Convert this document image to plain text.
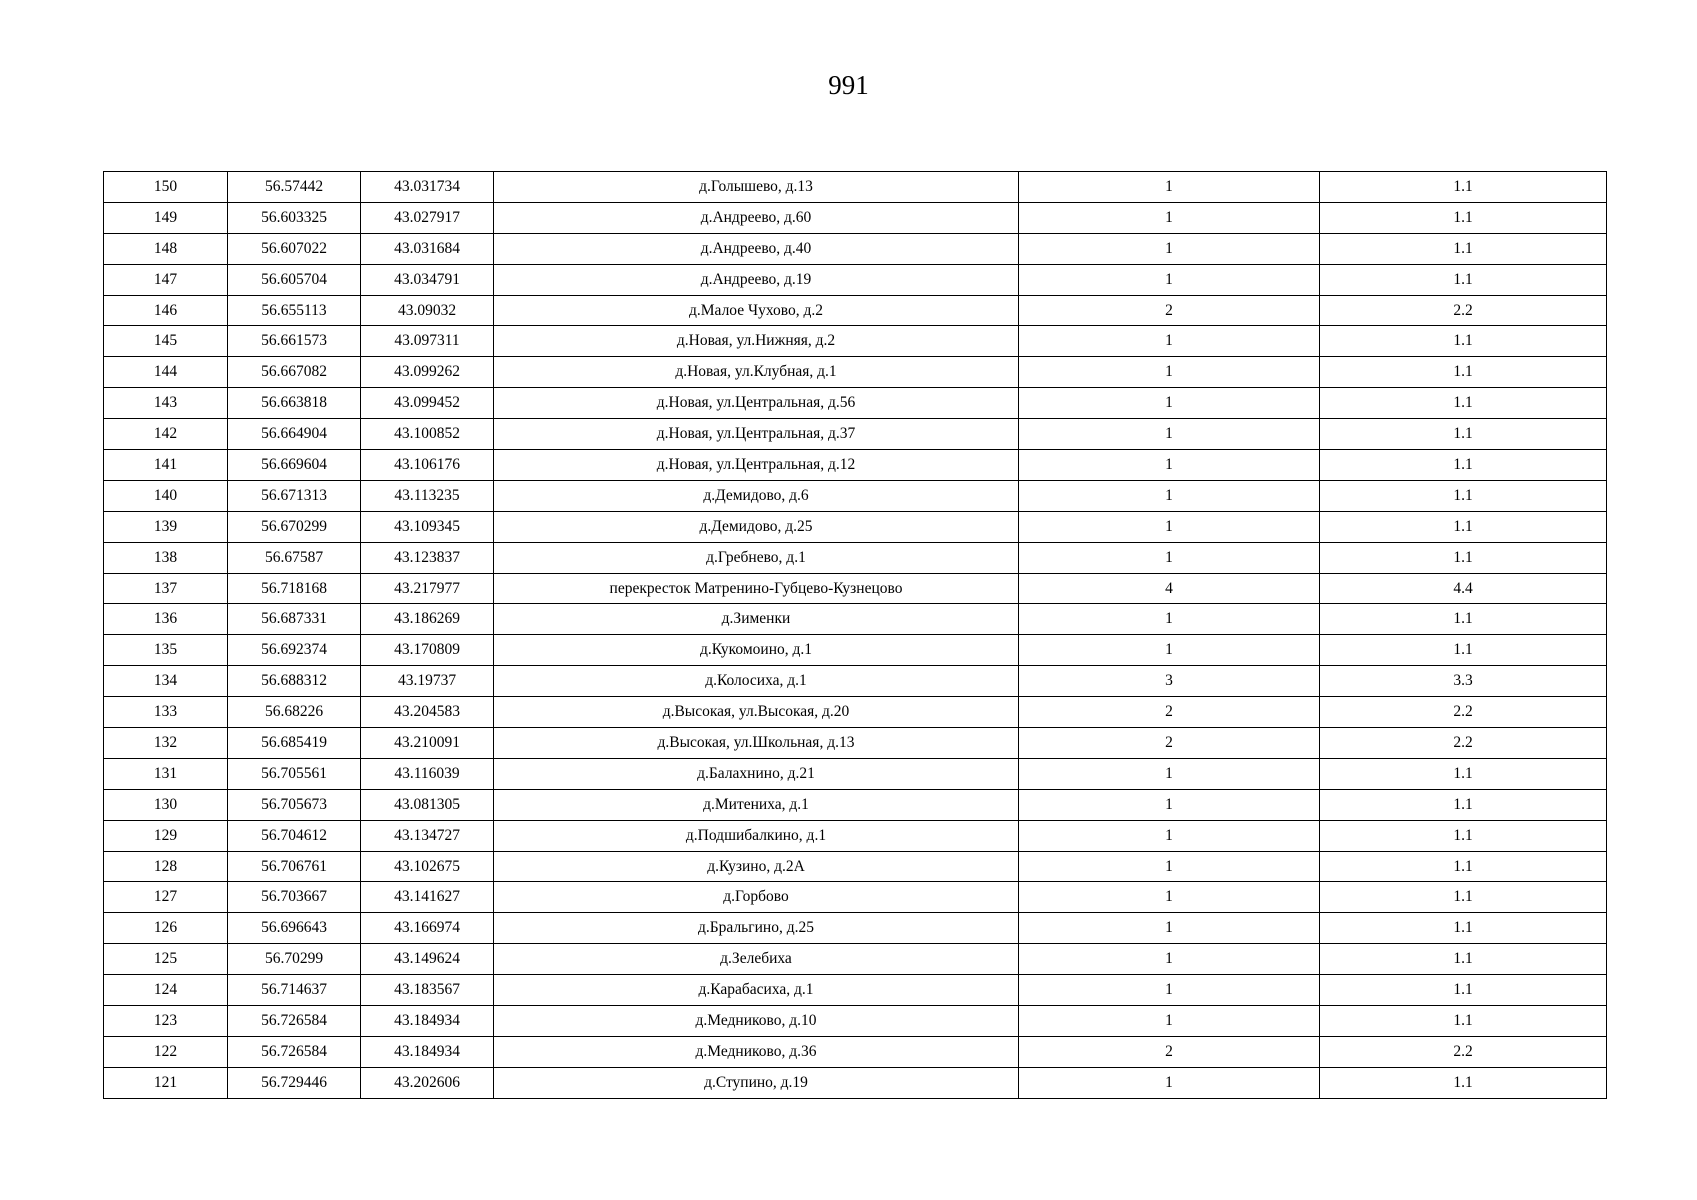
991
150	56.57442	43.031734	д.Голышево, д.13	1	1.1
149	56.603325	43.027917	д.Андреево, д.60	1	1.1
148	56.607022	43.031684	д.Андреево, д.40	1	1.1
147	56.605704	43.034791	д.Андреево, д.19	1	1.1
146	56.655113	43.09032	д.Малое Чухово, д.2	2	2.2
145	56.661573	43.097311	д.Новая, ул.Нижняя, д.2	1	1.1
144	56.667082	43.099262	д.Новая, ул.Клубная, д.1	1	1.1
143	56.663818	43.099452	д.Новая, ул.Центральная, д.56	1	1.1
142	56.664904	43.100852	д.Новая, ул.Центральная, д.37	1	1.1
141	56.669604	43.106176	д.Новая, ул.Центральная, д.12	1	1.1
140	56.671313	43.113235	д.Демидово, д.6	1	1.1
139	56.670299	43.109345	д.Демидово, д.25	1	1.1
138	56.67587	43.123837	д.Гребнево, д.1	1	1.1
137	56.718168	43.217977	перекресток Матренино-Губцево-Кузнецово	4	4.4
136	56.687331	43.186269	д.Зименки	1	1.1
135	56.692374	43.170809	д.Кукомоино, д.1	1	1.1
134	56.688312	43.19737	д.Колосиха, д.1	3	3.3
133	56.68226	43.204583	д.Высокая, ул.Высокая, д.20	2	2.2
132	56.685419	43.210091	д.Высокая, ул.Школьная, д.13	2	2.2
131	56.705561	43.116039	д.Балахнино, д.21	1	1.1
130	56.705673	43.081305	д.Митениха, д.1	1	1.1
129	56.704612	43.134727	д.Подшибалкино, д.1	1	1.1
128	56.706761	43.102675	д.Кузино, д.2А	1	1.1
127	56.703667	43.141627	д.Горбово	1	1.1
126	56.696643	43.166974	д.Бральгино, д.25	1	1.1
125	56.70299	43.149624	д.Зелебиха	1	1.1
124	56.714637	43.183567	д.Карабасиха, д.1	1	1.1
123	56.726584	43.184934	д.Медниково, д.10	1	1.1
122	56.726584	43.184934	д.Медниково, д.36	2	2.2
121	56.729446	43.202606	д.Ступино, д.19	1	1.1
